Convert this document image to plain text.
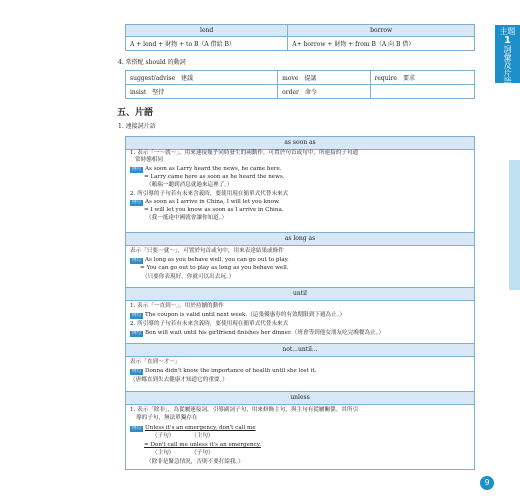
主題
1
詞彙及片語
lend	borrow
A + lend + 財物 + to B（A 借給 B）	A+ borrow + 財物 + from B（A 向 B 借）
4. 常搭配 should 的動詞
suggest/advise　建議	move　提議	require　要求
insist　堅持	order　命令	
五、片語
1. 連接詞片語
as soon as
1. 表示「一～就～」，用來連接幾乎同時發生的兩動作，可置於句首或句中，所連接的子句通
常時態相同
例句 As soon as Larry heard the news, he came here.
= Larry came here as soon as he heard the news.
（賴瑞一聽到消息就過來這裡了。）
2. 所引導的子句若有未來含義時，要使用現在簡單式代替未來式
例句 As soon as I arrive in China, I will let you know.
= I will let you know as soon as I arrive in China.
（我一抵達中國就會讓你知道。）
as long as
表示「只要～就～」，可置於句首或句中，用來表達結果或條件
例句 As long as you behave well, you can go out to play.
= You can go out to play as long as you behave well.
（只要你表現好，你就可以出去玩。）
until
1. 表示「一直到～」，用於持續的動作
例句 The coupon is valid until next week.（這張優惠券的有效期限到下週為止。）
2. 所引導的子句若有未來含義時，要使用現在簡單式代替未來式
例句 Ben will wait until his girlfriend finishes her dinner.（班會等到他女朋友吃完晚餐為止。）
not...until...
表示「直到～才～」
例句 Donna didn't know the importance of health until she lost it.
（唐娜直到失去健康才知道它的重要。）
unless
1. 表示「除非」，為從屬連接詞，引導副詞子句，用來修飾主句，與主句有從屬關係。其所引
導的子句，無法單獨存在
例句 Unless it's an emergency, don't call me
（子句）　　　　（主句）
= Don't call me unless it's an emergency.
（主句）　　　　（子句）
（除非是緊急情況，否則不要打給我。）
9
